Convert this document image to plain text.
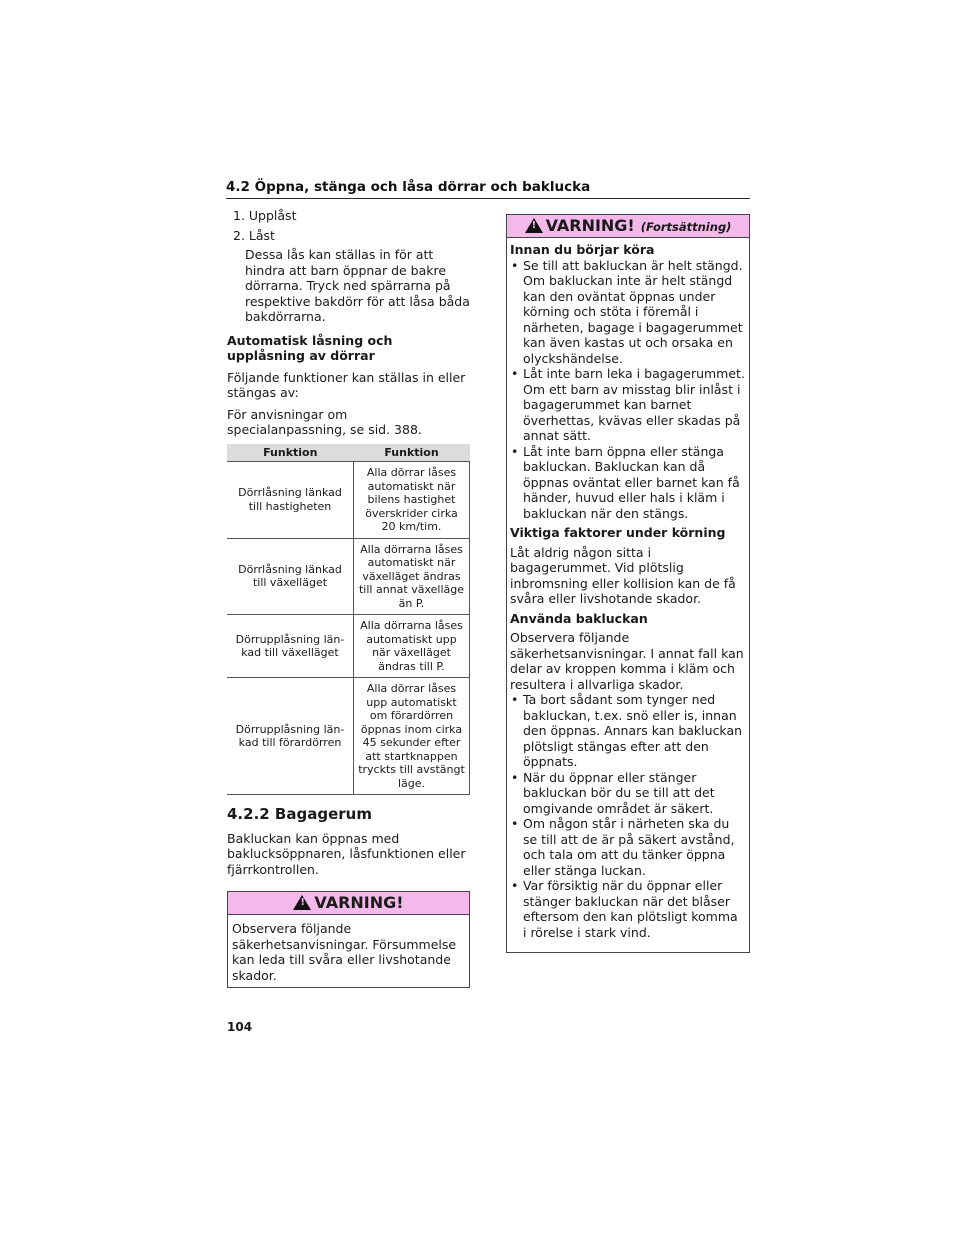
4.2 Öppna, stänga och låsa dörrar och baklucka
1. Upplåst
2. Låst
Dessa lås kan ställas in för att hindra att barn öppnar de bakre dörrarna. Tryck ned spärrarna på respektive bakdörr för att låsa båda bakdörrarna.

Automatisk låsning och upplåsning av dörrar

Följande funktioner kan ställas in eller stängas av:

För anvisningar om specialanpassning, se sid. 388.

Funktion	Funktion
Dörrlåsning länkad till hastigheten	Alla dörrar låses automatiskt när bilens hastighet överskrider cirka 20 km/tim.
Dörrlåsning länkad till växelläget	Alla dörrarna låses automatiskt när växelläget ändras till annat växelläge än P.
Dörrupplåsning län-kad till växelläget	Alla dörrarna låses automatiskt upp när växelläget ändras till P.
Dörrupplåsning län-kad till förardörren	Alla dörrar låses upp automatiskt om förardörren öppnas inom cirka 45 sekunder efter att startknappen tryckts till avstängt läge.

4.2.2 Bagagerum

Bakluckan kan öppnas med baklucksöppnaren, låsfunktionen eller fjärrkontrollen.

!VARNING!
Observera följande säkerhetsanvisningar. Försummelse kan leda till svåra eller livshotande skador.
!VARNING! (Fortsättning)

Innan du börjar köra

• Se till att bakluckan är helt stängd. Om bakluckan inte är helt stängd kan den oväntat öppnas under körning och stöta i föremål i närheten, bagage i bagagerummet kan även kastas ut och orsaka en olyckshändelse.
• Låt inte barn leka i bagagerummet. Om ett barn av misstag blir inlåst i bagagerummet kan barnet överhettas, kvävas eller skadas på annat sätt.
• Låt inte barn öppna eller stänga bakluckan. Bakluckan kan då öppnas oväntat eller barnet kan få händer, huvud eller hals i kläm i bakluckan när den stängs.

Viktiga faktorer under körning

Låt aldrig någon sitta i bagagerummet. Vid plötslig inbromsning eller kollision kan de få svåra eller livshotande skador.

Använda bakluckan

Observera följande säkerhetsanvisningar. I annat fall kan delar av kroppen komma i kläm och resultera i allvarliga skador.

• Ta bort sådant som tynger ned bakluckan, t.ex. snö eller is, innan den öppnas. Annars kan bakluckan plötsligt stängas efter att den öppnats.
• När du öppnar eller stänger bakluckan bör du se till att det omgivande området är säkert.
• Om någon står i närheten ska du se till att de är på säkert avstånd, och tala om att du tänker öppna eller stänga luckan.
• Var försiktig när du öppnar eller stänger bakluckan när det blåser eftersom den kan plötsligt komma i rörelse i stark vind.
104
